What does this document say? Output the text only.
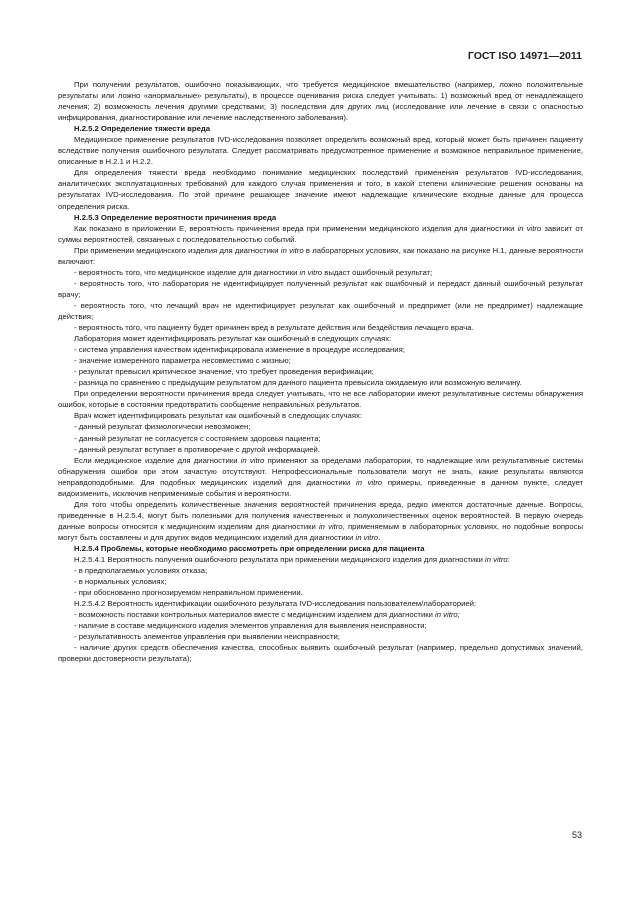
ГОСТ ISO 14971—2011

При получении результатов, ошибочно показывающих, что требуется медицинское вмешательство (например, ложно положительные результаты или ложно «анормальные» результаты), в процессе оценивания риска следует учитывать: 1) возможный вред от ненадлежащего лечения; 2) возможность лечения другими средствами; 3) последствия для других лиц (исследование или лечение в связи с опасностью инфицирования, диагностирование или лечение наследственного заболевания).

Н.2.5.2 Определение тяжести вреда

Медицинское применение результатов IVD-исследования позволяет определить возможный вред, который может быть причинен пациенту вследствие получения ошибочного результата. Следует рассматривать предусмотренное применение и возможное неправильное применение, описанные в Н.2.1 и Н.2.2.

Для определения тяжести вреда необходимо понимание медицинских последствий применения результатов IVD-исследования, аналитических эксплуатационных требований для каждого случая применения и того, в какой степени клинические решения основаны на результатах IVD-исследования. По этой причине решающее значение имеют надлежащие клинические входные данные для процесса определения риска.

Н.2.5.3 Определение вероятности причинения вреда

Как показано в приложении Е, вероятность причинения вреда при применении медицинского изделия для диагностики in vitro зависит от суммы вероятностей, связанных с последовательностью событий.

При применении медицинского изделия для диагностики in vitro в лабораторных условиях, как показано на рисунке Н.1, данные вероятности включают:

- вероятность того, что медицинское изделие для диагностики in vitro выдаст ошибочный результат;

- вероятность того, что лаборатория не идентифицирует полученный результат как ошибочный и передаст данный ошибочный результат врачу;

- вероятность того, что лечащий врач не идентифицирует результат как ошибочный и предпримет (или не предпримет) надлежащие действия;

- вероятность того, что пациенту будет причинен вред в результате действия или бездействия лечащего врача.

Лаборатория может идентифицировать результат как ошибочный в следующих случаях:

- система управления качеством идентифицировала изменение в процедуре исследования;

- значение измеренного параметра несовместимо с жизнью;

- результат превысил критическое значение, что требует проведения верификации;

- разница по сравнению с предыдущим результатом для данного пациента превысила ожидаемую или возможную величину.

При определении вероятности причинения вреда следует учитывать, что не все лаборатории имеют результативные системы обнаружения ошибок, которые в состоянии предотвратить сообщение неправильных результатов.

Врач может идентифицировать результат как ошибочный в следующих случаях:

- данный результат физиологически невозможен;

- данный результат не согласуется с состоянием здоровья пациента;

- данный результат вступает в противоречие с другой информацией.

Если медицинское изделие для диагностики in vitro применяют за пределами лаборатории, то надлежащие или результативные системы обнаружения ошибок при этом зачастую отсутствуют. Непрофессиональные пользователи могут не знать, какие результаты являются неправдоподобными. Для подобных медицинских изделий для диагностики in vitro примеры, приведенные в данном пункте, следует видоизменить, исключив неприменимые события и вероятности.

Для того чтобы определить количественные значения вероятностей причинения вреда, редко имеются достаточные данные. Вопросы, приведенные в Н.2.5.4, могут быть полезными для получения качественных и полуколичественных оценок вероятностей. В первую очередь данные вопросы относятся к медицинским изделиям для диагностики in vitro, применяемым в лабораторных условиях, но подобные вопросы могут быть составлены и для других видов медицинских изделий для диагностики in vitro.

Н.2.5.4 Проблемы, которые необходимо рассмотреть при определении риска для пациента

Н.2.5.4.1 Вероятность получения ошибочного результата при применении медицинского изделия для диагностики in vitro:

- в предполагаемых условиях отказа;

- в нормальных условиях;

- при обоснованно прогнозируемом неправильном применении.

Н.2.5.4.2 Вероятность идентификации ошибочного результата IVD-исследования пользователем/лабораторией:

- возможность поставки контрольных материалов вместе с медицинским изделием для диагностики in vitro;

- наличие в составе медицинского изделия элементов управления для выявления неисправности;

- результативность элементов управления при выявлении неисправности;

- наличие других средств обеспечения качества, способных выявить ошибочный результат (например, предельно допустимых значений, проверки достоверности результата);

53
